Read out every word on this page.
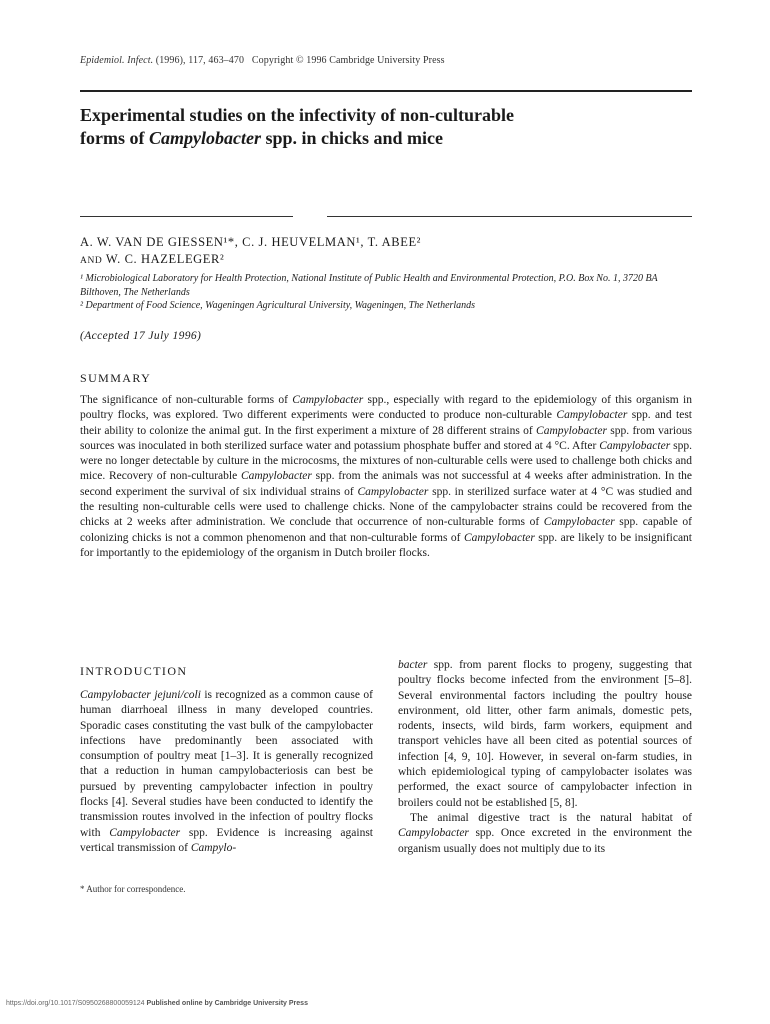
Epidemiol. Infect. (1996), 117, 463–470 Copyright © 1996 Cambridge University Press
Experimental studies on the infectivity of non-culturable
forms of Campylobacter spp. in chicks and mice
A. W. VAN DE GIESSEN¹*, C. J. HEUVELMAN¹, T. ABEE²
AND W. C. HAZELEGER²
¹ Microbiological Laboratory for Health Protection, National Institute of Public Health and Environmental Protection, P.O. Box No. 1, 3720 BA Bilthoven, The Netherlands
² Department of Food Science, Wageningen Agricultural University, Wageningen, The Netherlands
(Accepted 17 July 1996)
SUMMARY
The significance of non-culturable forms of Campylobacter spp., especially with regard to the epidemiology of this organism in poultry flocks, was explored. Two different experiments were conducted to produce non-culturable Campylobacter spp. and test their ability to colonize the animal gut. In the first experiment a mixture of 28 different strains of Campylobacter spp. from various sources was inoculated in both sterilized surface water and potassium phosphate buffer and stored at 4 °C. After Campylobacter spp. were no longer detectable by culture in the microcosms, the mixtures of non-culturable cells were used to challenge both chicks and mice. Recovery of non-culturable Campylobacter spp. from the animals was not successful at 4 weeks after administration. In the second experiment the survival of six individual strains of Campylobacter spp. in sterilized surface water at 4 °C was studied and the resulting non-culturable cells were used to challenge chicks. None of the campylobacter strains could be recovered from the chicks at 2 weeks after administration. We conclude that occurrence of non-culturable forms of Campylobacter spp. capable of colonizing chicks is not a common phenomenon and that non-culturable forms of Campylobacter spp. are likely to be insignificant for importantly to the epidemiology of the organism in Dutch broiler flocks.
INTRODUCTION

Campylobacter jejuni/coli is recognized as a common cause of human diarrhoeal illness in many developed countries. Sporadic cases constituting the vast bulk of the campylobacter infections have predominantly been associated with consumption of poultry meat [1–3]. It is generally recognized that a reduction in human campylobacteriosis can best be pursued by preventing campylobacter infection in poultry flocks [4]. Several studies have been conducted to identify the transmission routes involved in the infection of poultry flocks with Campylobacter spp. Evidence is increasing against vertical transmission of Campylo-

bacter spp. from parent flocks to progeny, suggesting that poultry flocks become infected from the environment [5–8]. Several environmental factors including the poultry house environment, old litter, other farm animals, domestic pets, rodents, insects, wild birds, farm workers, equipment and transport vehicles have all been cited as potential sources of infection [4, 9, 10]. However, in several on-farm studies, in which epidemiological typing of campylobacter isolates was performed, the exact source of campylobacter infection in broilers could not be established [5, 8].

The animal digestive tract is the natural habitat of Campylobacter spp. Once excreted in the environment the organism usually does not multiply due to its

* Author for correspondence.
https://doi.org/10.1017/S0950268800059124 Published online by Cambridge University Press
